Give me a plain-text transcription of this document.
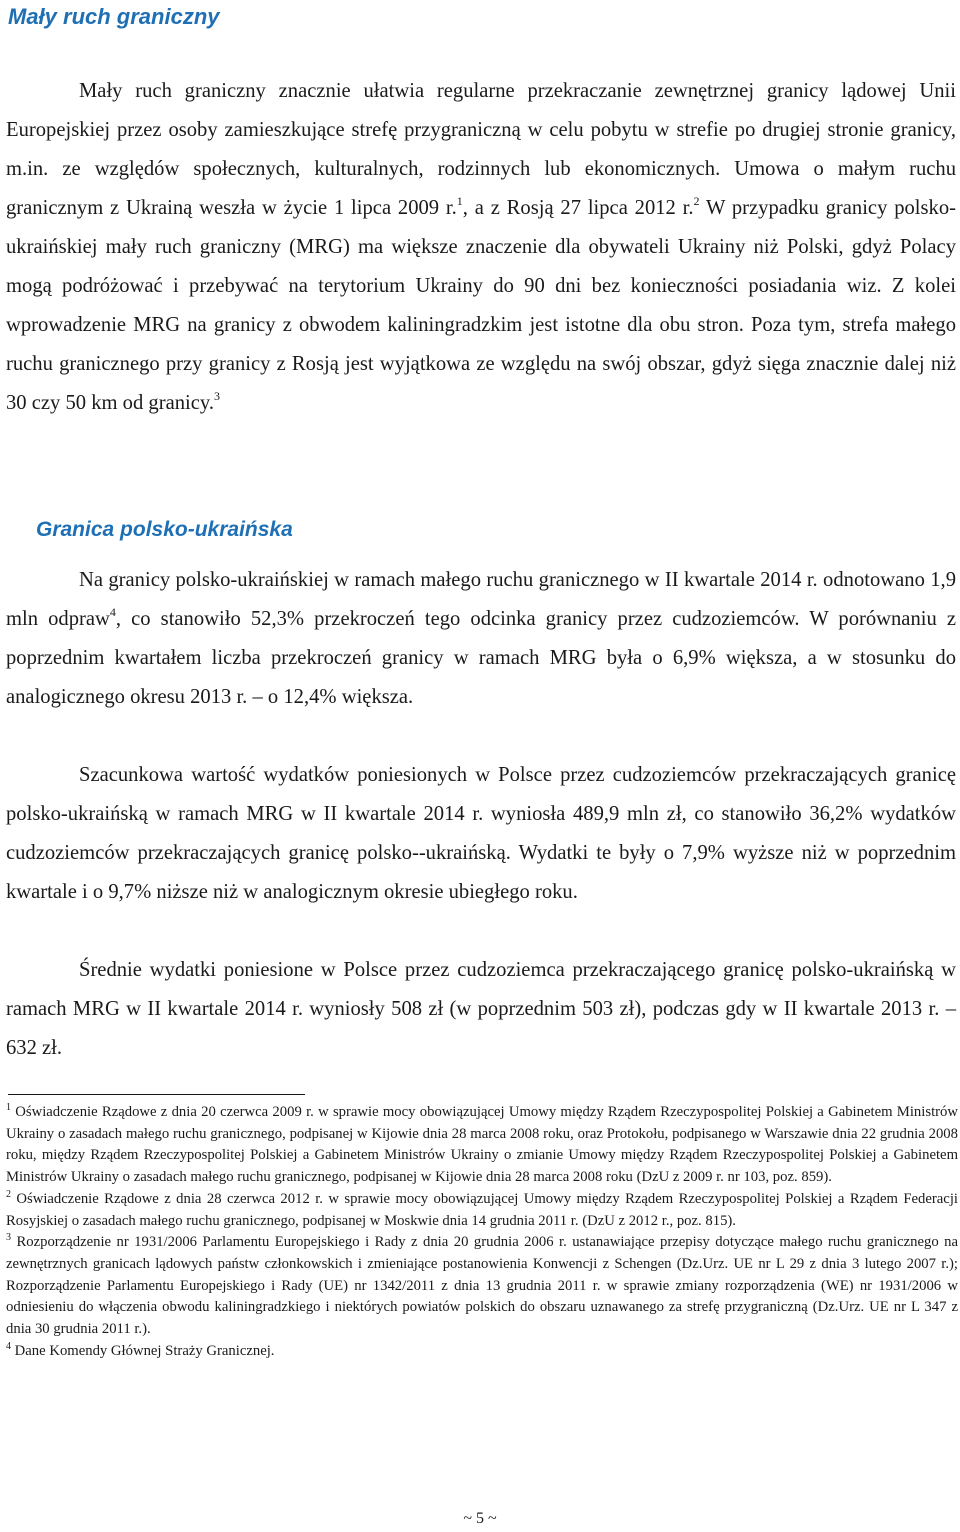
Mały ruch graniczny

Mały ruch graniczny znacznie ułatwia regularne przekraczanie zewnętrznej granicy lądowej Unii Europejskiej przez osoby zamieszkujące strefę przygraniczną w celu pobytu w strefie po drugiej stronie granicy, m.in. ze względów społecznych, kulturalnych, rodzinnych lub ekonomicznych. Umowa o małym ruchu granicznym z Ukrainą weszła w życie 1 lipca 2009 r.$^1$, a z Rosją 27 lipca 2012 r.$^2$ W przypadku granicy polsko-ukraińskiej mały ruch graniczny (MRG) ma większe znaczenie dla obywateli Ukrainy niż Polski, gdyż Polacy mogą podróżować i przebywać na terytorium Ukrainy do 90 dni bez konieczności posiadania wiz. Z kolei wprowadzenie MRG na granicy z obwodem kaliningradzkim jest istotne dla obu stron. Poza tym, strefa małego ruchu granicznego przy granicy z Rosją jest wyjątkowa ze względu na swój obszar, gdyż sięga znacznie dalej niż 30 czy 50 km od granicy.$^3$

Granica polsko-ukraińska

Na granicy polsko-ukraińskiej w ramach małego ruchu granicznego w II kwartale 2014 r. odnotowano 1,9 mln odpraw$^4$, co stanowiło 52,3% przekroczeń tego odcinka granicy przez cudzoziemców. W porównaniu z poprzednim kwartałem liczba przekroczeń granicy w ramach MRG była o 6,9% większa, a w stosunku do analogicznego okresu 2013 r. – o 12,4% większa.

Szacunkowa wartość wydatków poniesionych w Polsce przez cudzoziemców przekraczających granicę polsko-ukraińską w ramach MRG w II kwartale 2014 r. wyniosła 489,9 mln zł, co stanowiło 36,2% wydatków cudzoziemców przekraczających granicę polsko--ukraińską. Wydatki te były o 7,9% wyższe niż w poprzednim kwartale i o 9,7% niższe niż w analogicznym okresie ubiegłego roku.

Średnie wydatki poniesione w Polsce przez cudzoziemca przekraczającego granicę polsko-ukraińską w ramach MRG w II kwartale 2014 r. wyniosły 508 zł (w poprzednim 503 zł), podczas gdy w II kwartale 2013 r. – 632 zł.

$^1$ Oświadczenie Rządowe z dnia 20 czerwca 2009 r. w sprawie mocy obowiązującej Umowy między Rządem Rzeczypospolitej Polskiej a Gabinetem Ministrów Ukrainy o zasadach małego ruchu granicznego, podpisanej w Kijowie dnia 28 marca 2008 roku, oraz Protokołu, podpisanego w Warszawie dnia 22 grudnia 2008 roku, między Rządem Rzeczypospolitej Polskiej a Gabinetem Ministrów Ukrainy o zmianie Umowy między Rządem Rzeczypospolitej Polskiej a Gabinetem Ministrów Ukrainy o zasadach małego ruchu granicznego, podpisanej w Kijowie dnia 28 marca 2008 roku (DzU z 2009 r. nr 103, poz. 859).

$^2$ Oświadczenie Rządowe z dnia 28 czerwca 2012 r. w sprawie mocy obowiązującej Umowy między Rządem Rzeczypospolitej Polskiej a Rządem Federacji Rosyjskiej o zasadach małego ruchu granicznego, podpisanej w Moskwie dnia 14 grudnia 2011 r. (DzU z 2012 r., poz. 815).

$^3$ Rozporządzenie nr 1931/2006 Parlamentu Europejskiego i Rady z dnia 20 grudnia 2006 r. ustanawiające przepisy dotyczące małego ruchu granicznego na zewnętrznych granicach lądowych państw członkowskich i zmieniające postanowienia Konwencji z Schengen (Dz.Urz. UE nr L 29 z dnia 3 lutego 2007 r.); Rozporządzenie Parlamentu Europejskiego i Rady (UE) nr 1342/2011 z dnia 13 grudnia 2011 r. w sprawie zmiany rozporządzenia (WE) nr 1931/2006 w odniesieniu do włączenia obwodu kaliningradzkiego i niektórych powiatów polskich do obszaru uznawanego za strefę przygraniczną (Dz.Urz. UE nr L 347 z dnia 30 grudnia 2011 r.).

$^4$ Dane Komendy Głównej Straży Granicznej.

~ 5 ~
